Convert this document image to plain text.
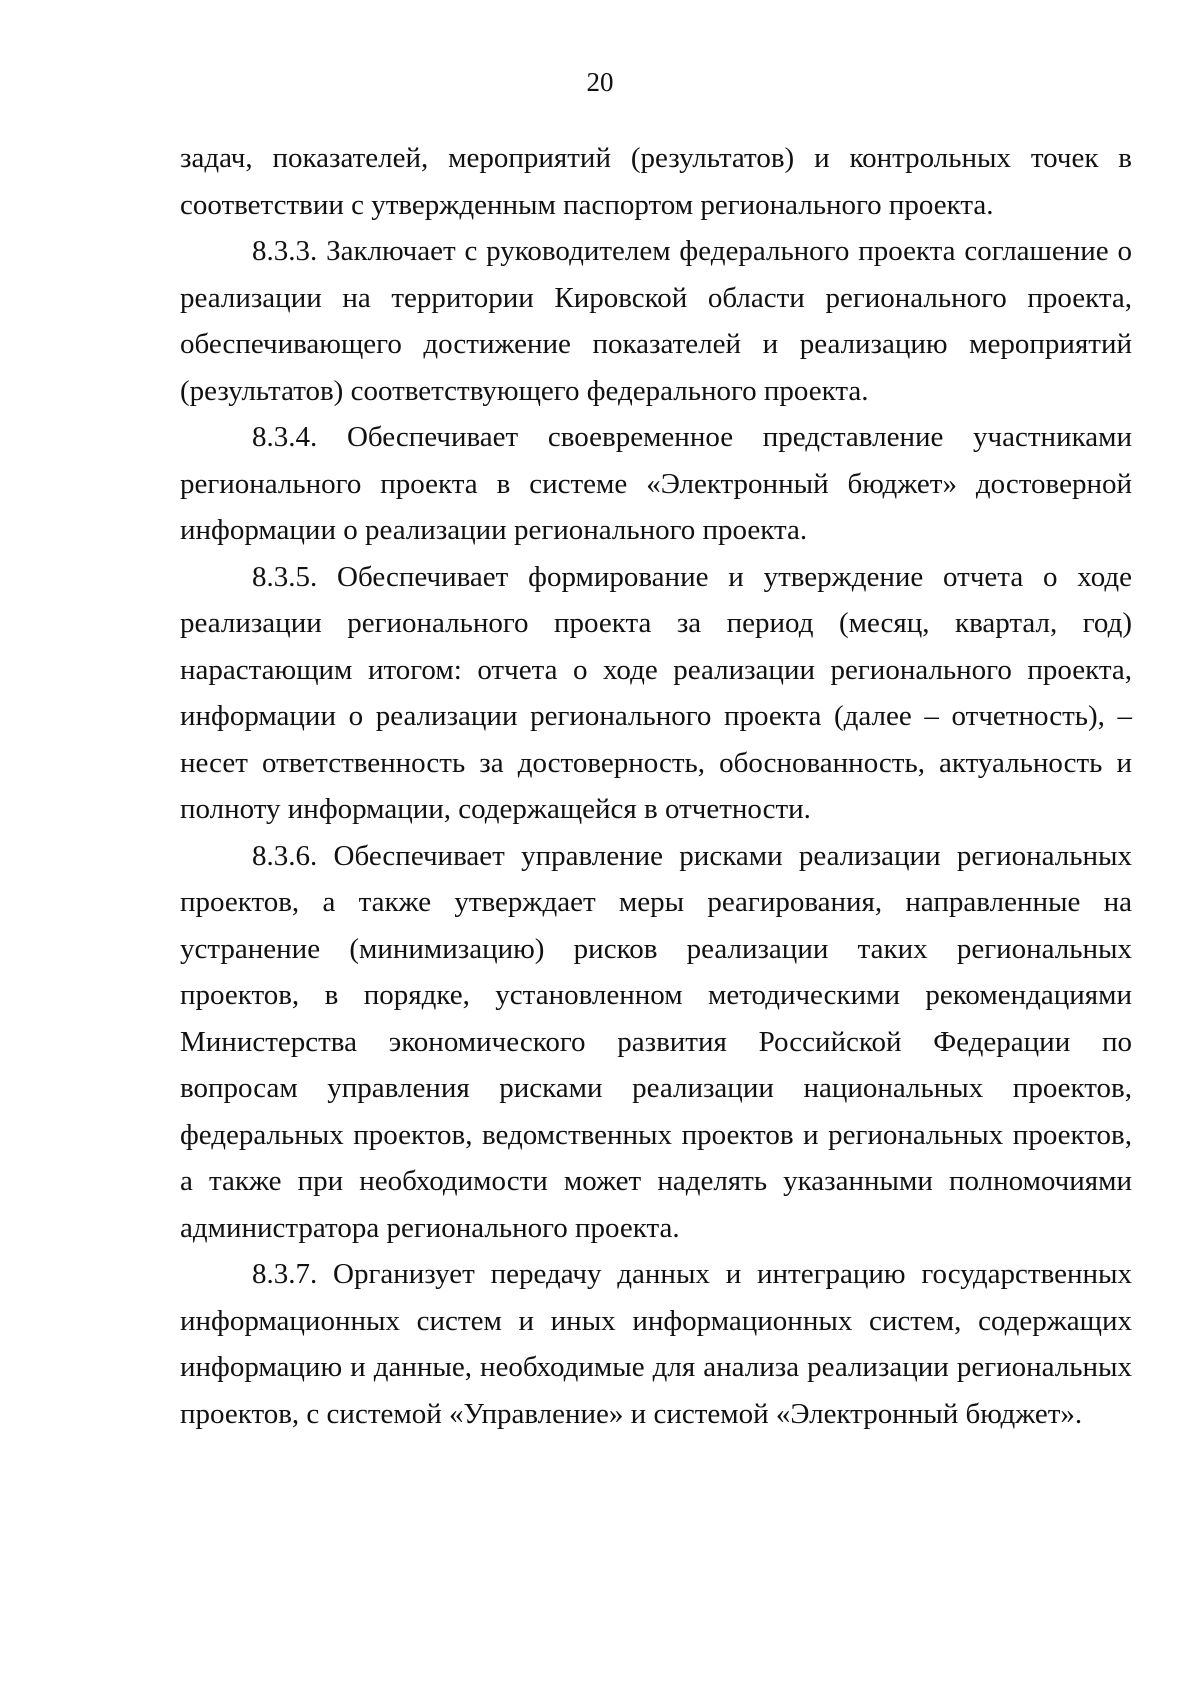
20

задач, показателей, мероприятий (результатов) и контрольных точек в соответствии с утвержденным паспортом регионального проекта.

8.3.3. Заключает с руководителем федерального проекта соглашение о реализации на территории Кировской области регионального проекта, обеспечивающего достижение показателей и реализацию мероприятий (результатов) соответствующего федерального проекта.

8.3.4. Обеспечивает своевременное представление участниками регионального проекта в системе «Электронный бюджет» достоверной информации о реализации регионального проекта.

8.3.5. Обеспечивает формирование и утверждение отчета о ходе реализации регионального проекта за период (месяц, квартал, год) нарастающим итогом: отчета о ходе реализации регионального проекта, информации о реализации регионального проекта (далее – отчетность), – несет ответственность за достоверность, обоснованность, актуальность и полноту информации, содержащейся в отчетности.

8.3.6. Обеспечивает управление рисками реализации региональных проектов, а также утверждает меры реагирования, направленные на устранение (минимизацию) рисков реализации таких региональных проектов, в порядке, установленном методическими рекомендациями Министерства экономического развития Российской Федерации по вопросам управления рисками реализации национальных проектов, федеральных проектов, ведомственных проектов и региональных проектов, а также при необходимости может наделять указанными полномочиями администратора регионального проекта.

8.3.7. Организует передачу данных и интеграцию государственных информационных систем и иных информационных систем, содержащих информацию и данные, необходимые для анализа реализации региональных проектов, с системой «Управление» и системой «Электронный бюджет».
